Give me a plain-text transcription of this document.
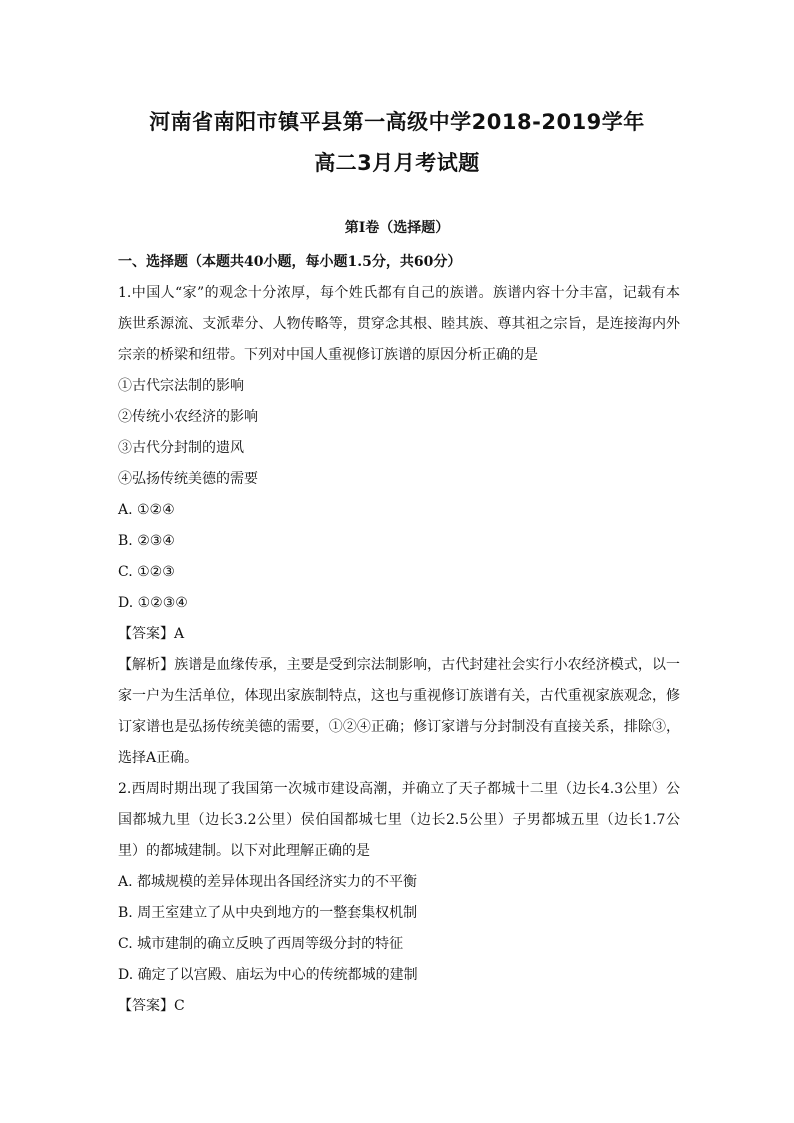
河南省南阳市镇平县第一高级中学2018-2019学年
高二3月月考试题
第Ⅰ卷（选择题）
一、选择题（本题共40小题，每小题1.5分，共60分）
1.中国人“家”的观念十分浓厚，每个姓氏都有自己的族谱。族谱内容十分丰富，记载有本
族世系源流、支派辈分、人物传略等，贯穿念其根、睦其族、尊其祖之宗旨，是连接海内外
宗亲的桥梁和纽带。下列对中国人重视修订族谱的原因分析正确的是
①古代宗法制的影响
②传统小农经济的影响
③古代分封制的遗风
④弘扬传统美德的需要
A. ①②④
B. ②③④
C. ①②③
D. ①②③④
【答案】A
【解析】族谱是血缘传承，主要是受到宗法制影响，古代封建社会实行小农经济模式，以一
家一户为生活单位，体现出家族制特点，这也与重视修订族谱有关，古代重视家族观念，修
订家谱也是弘扬传统美德的需要，①②④正确；修订家谱与分封制没有直接关系，排除③，
选择A正确。
2.西周时期出现了我国第一次城市建设高潮，并确立了天子都城十二里（边长4.3公里）公
国都城九里（边长3.2公里）侯伯国都城七里（边长2.5公里）子男都城五里（边长1.7公
里）的都城建制。以下对此理解正确的是
A. 都城规模的差异体现出各国经济实力的不平衡
B. 周王室建立了从中央到地方的一整套集权机制
C. 城市建制的确立反映了西周等级分封的特征
D. 确定了以宫殿、庙坛为中心的传统都城的建制
【答案】C
